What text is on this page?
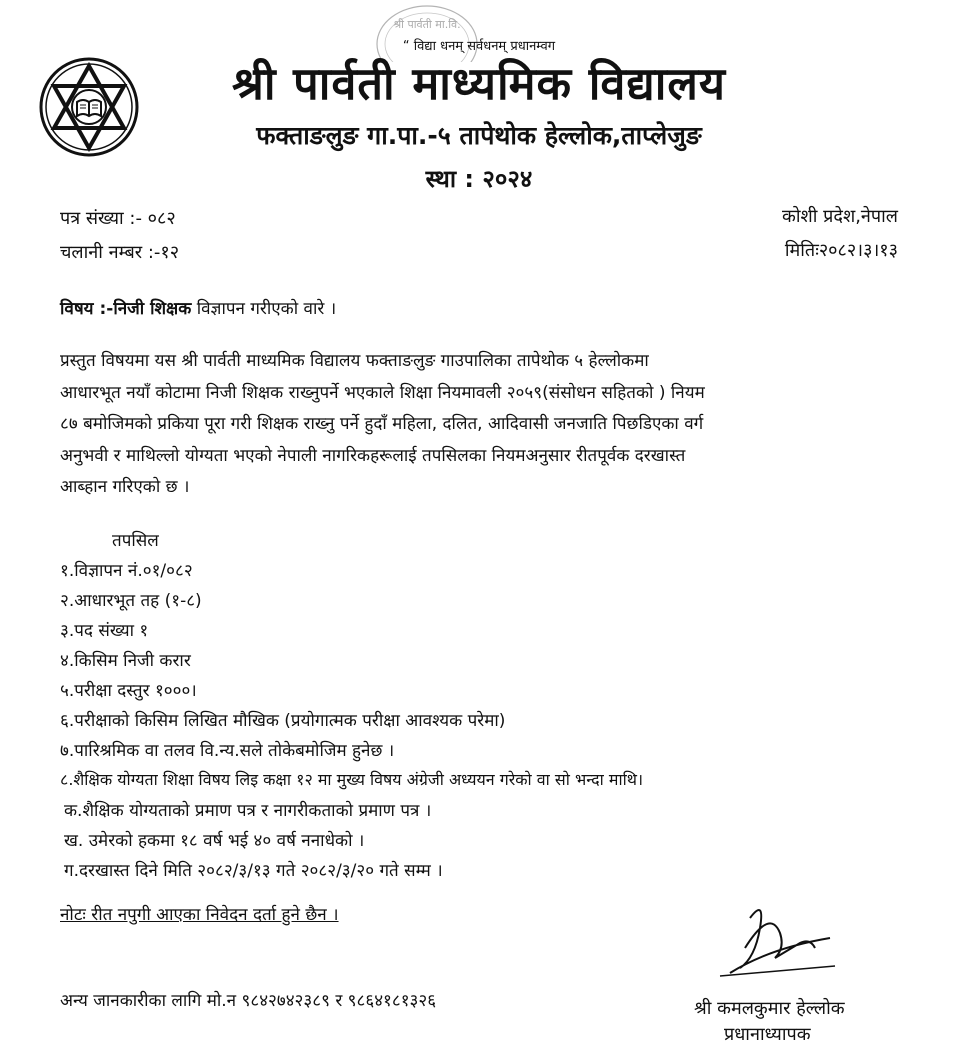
श्री पार्वती मा.वि.
“ विद्या धनम् सर्वधनम् प्रधानम्वग
श्री पार्वती माध्यमिक विद्यालय
फक्ताङलुङ गा.पा.-५ तापेथोक हेल्लोक,ताप्लेजुङ
स्था : २०२४
पत्र संख्या :- ०८२
चलानी नम्बर :-१२
कोशी प्रदेश,नेपाल
मितिः२०८२।३।१३
विषय :-निजी शिक्षक विज्ञापन गरीएको वारे ।
प्रस्तुत विषयमा यस श्री पार्वती माध्यमिक विद्यालय फक्ताङलुङ गाउपालिका तापेथोक ५ हेल्लोकमा
आधारभूत नयाँ कोटामा निजी शिक्षक राख्नुपर्ने भएकाले शिक्षा नियमावली २०५९(संसोधन सहितको ) नियम
८७ बमोजिमको प्रकिया पूरा गरी शिक्षक राख्नु पर्ने हुदाँ महिला, दलित, आदिवासी जनजाति पिछडिएका वर्ग
अनुभवी र माथिल्लो योग्यता भएको नेपाली नागरिकहरूलाई तपसिलका नियमअनुसार रीतपूर्वक दरखास्त
आब्हान गरिएको छ ।
तपसिल
१.विज्ञापन नं.०१/०८२
२.आधारभूत तह (१-८)
३.पद संख्या १
४.किसिम निजी करार
५.परीक्षा दस्तुर १०००।
६.परीक्षाको किसिम लिखित मौखिक (प्रयोगात्मक परीक्षा आवश्यक परेमा)
७.पारिश्रमिक वा तलव वि.न्य.सले तोकेबमोजिम हुनेछ ।
८.शैक्षिक योग्यता शिक्षा विषय लिइ कक्षा १२ मा मुख्य विषय अंग्रेजी अध्ययन गरेको वा सो भन्दा माथि।
क.शैक्षिक योग्यताको प्रमाण पत्र र नागरीकताको प्रमाण पत्र ।
ख. उमेरको हकमा १८ वर्ष भई ४० वर्ष ननाधेको ।
ग.दरखास्त दिने मिति २०८२/३/१३ गते २०८२/३/२० गते सम्म ।
नोटः रीत नपुगी आएका निवेदन दर्ता हुने छैन ।
अन्य जानकारीका लागि मो.न ९८४२७४२३८९ र ९८६४१८१३२६	श्री कमलकुमार हेल्लोक
प्रधानाध्यापक
